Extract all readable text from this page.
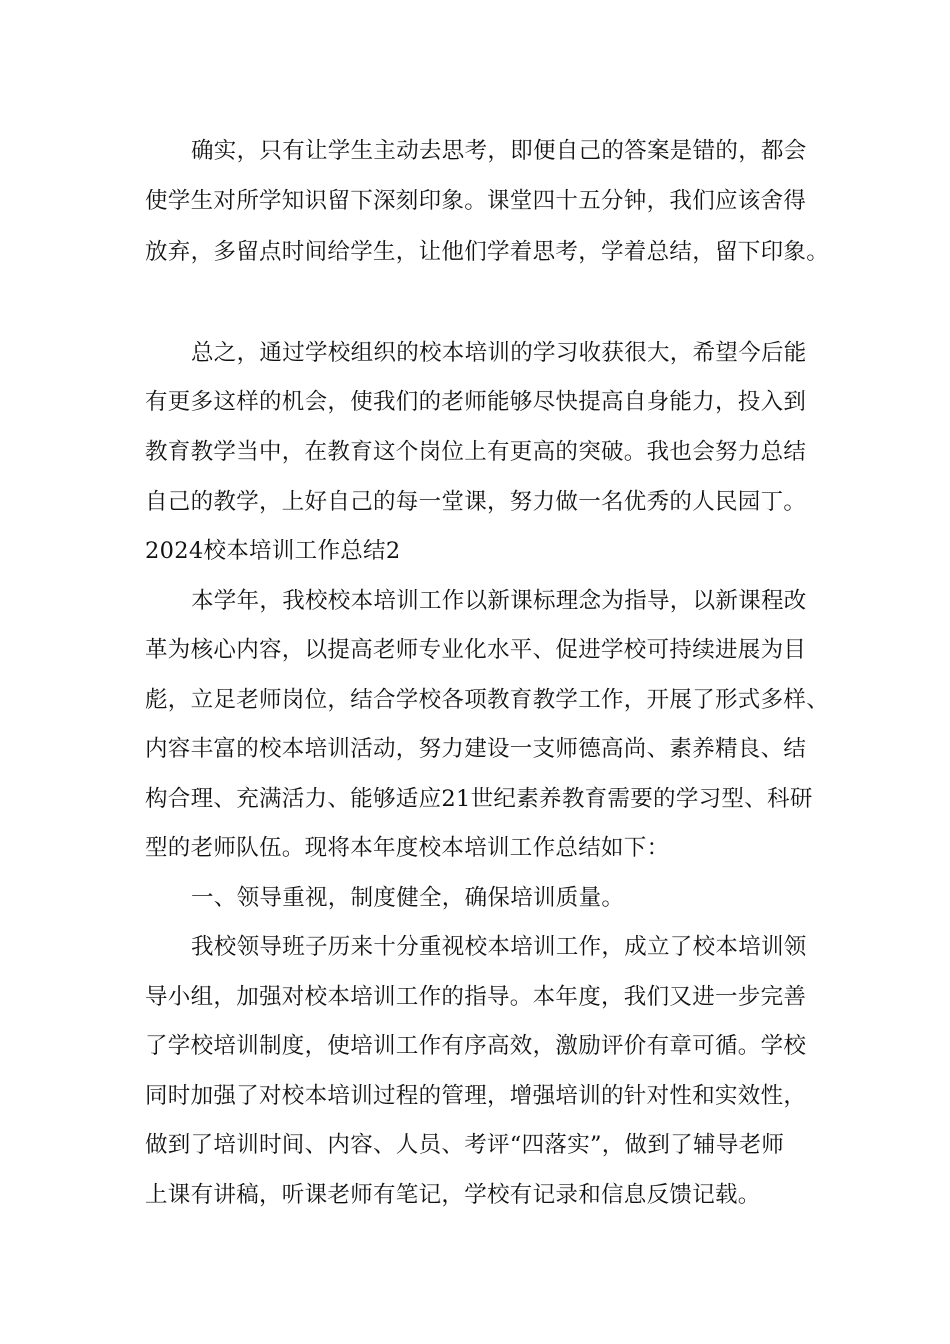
确实，只有让学生主动去思考，即便自己的答案是错的，都会
使学生对所学知识留下深刻印象。课堂四十五分钟，我们应该舍得
放弃，多留点时间给学生，让他们学着思考，学着总结，留下印象。
总之，通过学校组织的校本培训的学习收获很大，希望今后能
有更多这样的机会，使我们的老师能够尽快提高自身能力，投入到
教育教学当中，在教育这个岗位上有更高的突破。我也会努力总结
自己的教学，上好自己的每一堂课，努力做一名优秀的人民园丁。
2024校本培训工作总结2
本学年，我校校本培训工作以新课标理念为指导，以新课程改
革为核心内容，以提高老师专业化水平、促进学校可持续进展为目
彪，立足老师岗位，结合学校各项教育教学工作，开展了形式多样、
内容丰富的校本培训活动，努力建设一支师德高尚、素养精良、结
构合理、充满活力、能够适应21世纪素养教育需要的学习型、科研
型的老师队伍。现将本年度校本培训工作总结如下：
一、领导重视，制度健全，确保培训质量。
我校领导班子历来十分重视校本培训工作，成立了校本培训领
导小组，加强对校本培训工作的指导。本年度，我们又进一步完善
了学校培训制度，使培训工作有序高效，激励评价有章可循。学校
同时加强了对校本培训过程的管理，增强培训的针对性和实效性，
做到了培训时间、内容、人员、考评“四落实”，做到了辅导老师
上课有讲稿，听课老师有笔记，学校有记录和信息反馈记载。
